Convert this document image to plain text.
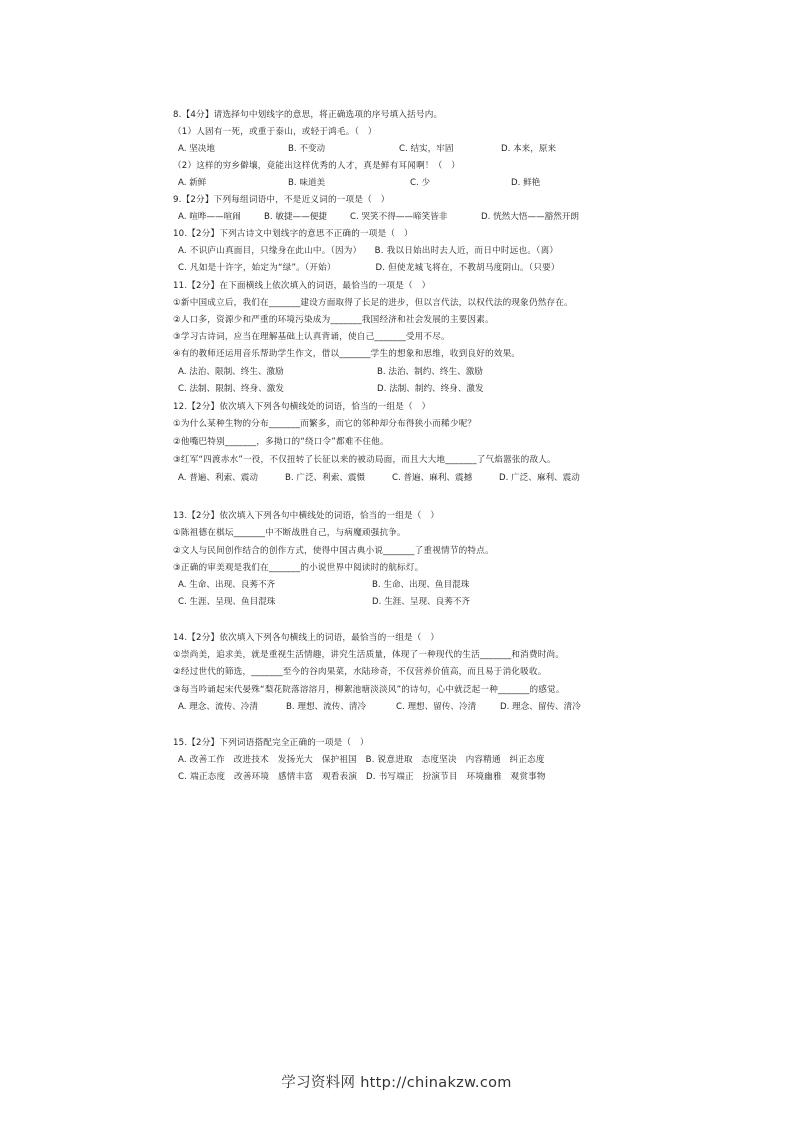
8.【4分】请选择句中划线字的意思，将正确选项的序号填入括号内。
（1）人固有一死，或重于泰山，或轻于鸿毛。（　）
A. 坚决地	B. 不变动	C. 结实，牢固	D. 本来，原来
（2）这样的穷乡僻壤，竟能出这样优秀的人才，真是鲜有耳闻啊！（　）
A. 新鲜	B. 味道美	C. 少	D. 鲜艳
9.【2分】下列每组词语中，不是近义词的一项是（　）
A. 喧哗——喧闹	B. 敏捷——便捷	C. 哭笑不得——啼笑皆非	D. 恍然大悟——豁然开朗
10.【2分】下列古诗文中划线字的意思不正确的一项是（　）
A. 不识庐山真面目，只缘身在此山中。（因为）　　B. 我以日始出时去人近，而日中时远也。（离）
C. 凡如是十许字，始定为“绿”。（开始）　　　　　D. 但使龙城飞将在，不教胡马度阴山。（只要）
11.【2分】在下面横线上依次填入的词语，最恰当的一项是（　）
①新中国成立后，我们在_______建设方面取得了长足的进步，但以言代法，以权代法的现象仍然存在。
②人口多，资源少和严重的环境污染成为_______我国经济和社会发展的主要因素。
③学习古诗词，应当在理解基础上认真背诵，使自己_______受用不尽。
④有的教师还运用音乐帮助学生作文，借以_______学生的想象和思维，收到良好的效果。
A. 法治、限制、终生、激励	B. 法治、制约、终生、激励
C. 法制、限制、终身、激发	D. 法制、制约、终身、激发
12.【2分】依次填入下列各句横线处的词语，恰当的一组是（　）
①为什么某种生物的分布_______而繁多，而它的邻种却分布得狭小而稀少呢？
②他嘴巴特别_______，多拗口的“绕口令”都难不住他。
③红军“四渡赤水”一役，不仅扭转了长征以来的被动局面，而且大大地_______了气焰嚣张的敌人。
A. 普遍、利索、震动	B. 广泛、利索、震慑	C. 普遍、麻利、震撼	D. 广泛、麻利、震动
13.【2分】依次填入下列各句中横线处的词语，恰当的一组是（　）
①陈祖德在棋坛_______中不断战胜自己，与病魔顽强抗争。
②文人与民间创作结合的创作方式，使得中国古典小说_______了重视情节的特点。
③正确的审美观是我们在_______的小说世界中阅读时的航标灯。
A. 生命、出现、良莠不齐	B. 生命、出现、鱼目混珠
C. 生涯、呈现、鱼目混珠	D. 生涯、呈现、良莠不齐
14.【2分】依次填入下列各句横线上的词语，最恰当的一组是（　）
①崇尚美，追求美，就是重视生活情趣，讲究生活质量，体现了一种现代的生活_______和消费时尚。
②经过世代的筛选，_______至今的谷肉果菜，水陆珍奇，不仅营养价值高，而且易于消化吸收。
③每当吟诵起宋代晏殊“梨花院落溶溶月，柳絮池塘淡淡风”的诗句，心中就泛起一种_______的感觉。
A. 理念、流传、冷清	B. 理想、流传、清冷	C. 理想、留传、冷清	D. 理念、留传、清冷
15.【2分】下列词语搭配完全正确的一项是（　）
A. 改善工作　改进技术　发扬光大　保护祖国　B. 锐意进取　态度坚决　内容精通　纠正态度
C. 端正态度　改善环境　感情丰富　观看表演　D. 书写端正　扮演节目　环境幽雅　观赏事物
学习资料网 http://chinakzw.com
